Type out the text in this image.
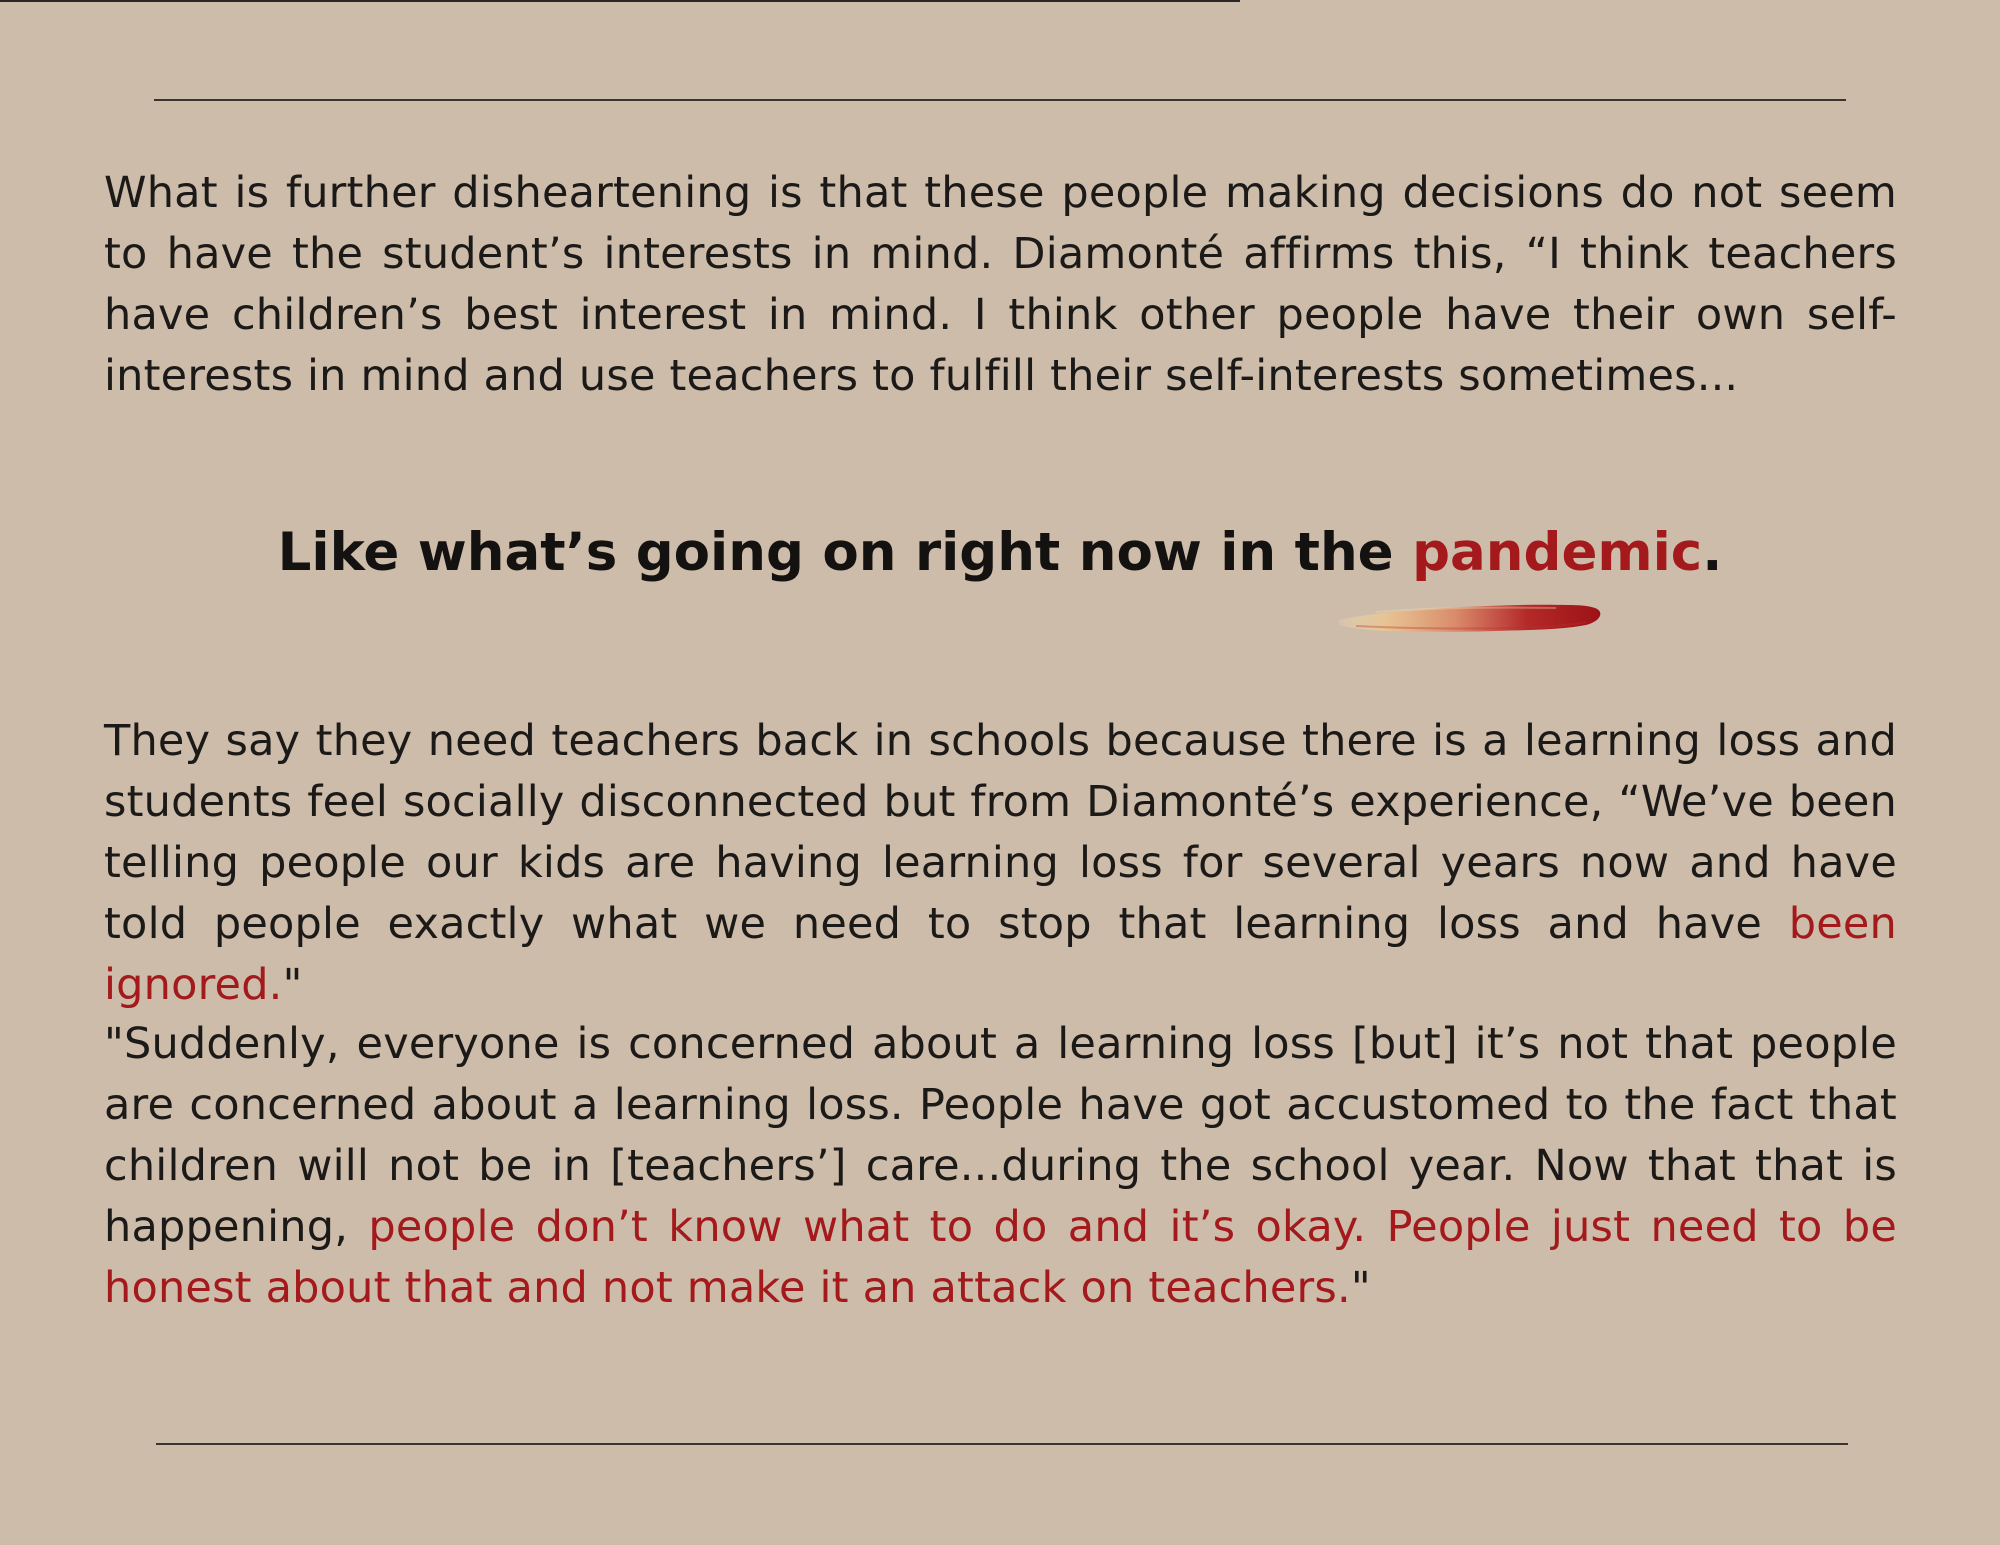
What is further disheartening is that these people making decisions do not seem to have the student’s interests in mind. Diamonté affirms this, “I think teachers have children’s best interest in mind. I think other people have their own self-interests in mind and use teachers to fulfill their self-interests sometimes...

Like what’s going on right now in the pandemic.

They say they need teachers back in schools because there is a learning loss and students feel socially disconnected but from Diamonté’s experience, “We’ve been telling people our kids are having learning loss for several years now and have told people exactly what we need to stop that learning loss and have been ignored."

"Suddenly, everyone is concerned about a learning loss [but] it’s not that people are concerned about a learning loss. People have got accustomed to the fact that children will not be in [teachers’] care...during the school year. Now that that is happening, people don’t know what to do and it’s okay. People just need to be honest about that and not make it an attack on teachers."
